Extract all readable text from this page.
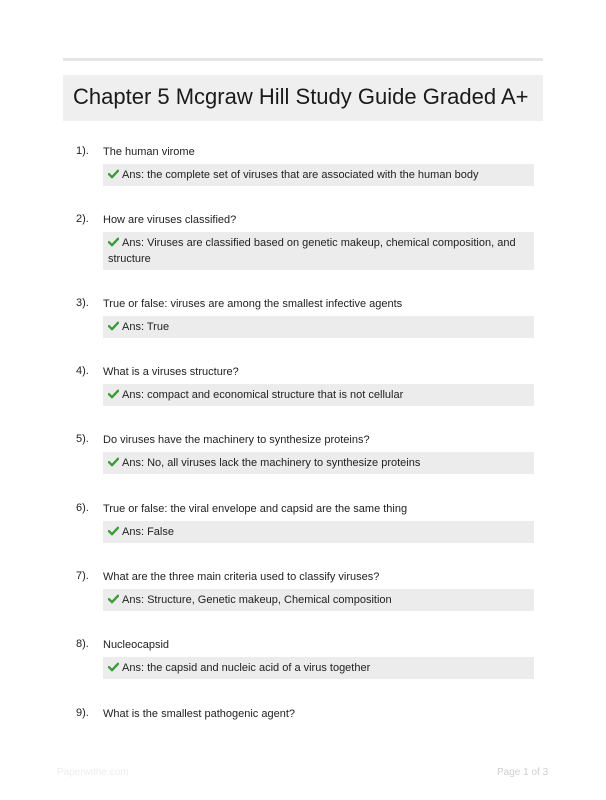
Chapter 5 Mcgraw Hill Study Guide Graded A+
1). The human virome
Ans: the complete set of viruses that are associated with the human body
2). How are viruses classified?
Ans: Viruses are classified based on genetic makeup, chemical composition, and structure
3). True or false: viruses are among the smallest infective agents
Ans: True
4). What is a viruses structure?
Ans: compact and economical structure that is not cellular
5). Do viruses have the machinery to synthesize proteins?
Ans: No, all viruses lack the machinery to synthesize proteins
6). True or false: the viral envelope and capsid are the same thing
Ans: False
7). What are the three main criteria used to classify viruses?
Ans: Structure, Genetic makeup, Chemical composition
8). Nucleocapsid
Ans: the capsid and nucleic acid of a virus together
9). What is the smallest pathogenic agent?
Paperwithe.com	Page 1 of 3
